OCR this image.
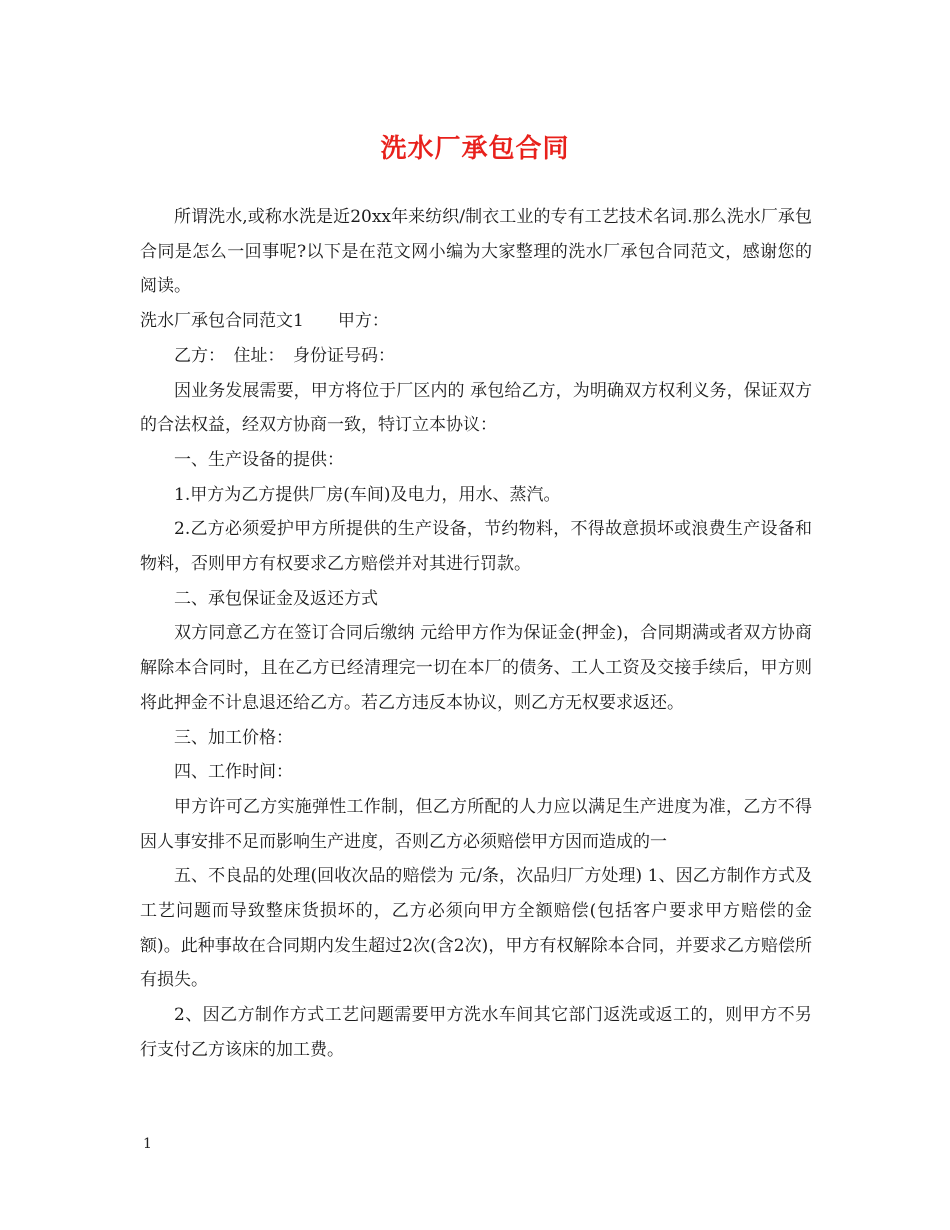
洗水厂承包合同

所谓洗水,或称水洗是近20xx年来纺织/制衣工业的专有工艺技术名词.那么洗水厂承包合同是怎么一回事呢?以下是在范文网小编为大家整理的洗水厂承包合同范文，感谢您的阅读。

洗水厂承包合同范文1　　甲方：

乙方：　住址：　身份证号码：

因业务发展需要，甲方将位于厂区内的 承包给乙方，为明确双方权利义务，保证双方的合法权益，经双方协商一致，特订立本协议：

一、生产设备的提供：

1.甲方为乙方提供厂房(车间)及电力，用水、蒸汽。

2.乙方必须爱护甲方所提供的生产设备，节约物料，不得故意损坏或浪费生产设备和物料，否则甲方有权要求乙方赔偿并对其进行罚款。

二、承包保证金及返还方式

双方同意乙方在签订合同后缴纳 元给甲方作为保证金(押金)，合同期满或者双方协商解除本合同时，且在乙方已经清理完一切在本厂的债务、工人工资及交接手续后，甲方则将此押金不计息退还给乙方。若乙方违反本协议，则乙方无权要求返还。

三、加工价格：

四、工作时间：

甲方许可乙方实施弹性工作制，但乙方所配的人力应以满足生产进度为准，乙方不得因人事安排不足而影响生产进度，否则乙方必须赔偿甲方因而造成的一

五、不良品的处理(回收次品的赔偿为 元/条，次品归厂方处理) 1、因乙方制作方式及工艺问题而导致整床货损坏的，乙方必须向甲方全额赔偿(包括客户要求甲方赔偿的金额)。此种事故在合同期内发生超过2次(含2次)，甲方有权解除本合同，并要求乙方赔偿所有损失。

2、因乙方制作方式工艺问题需要甲方洗水车间其它部门返洗或返工的，则甲方不另行支付乙方该床的加工费。

1
